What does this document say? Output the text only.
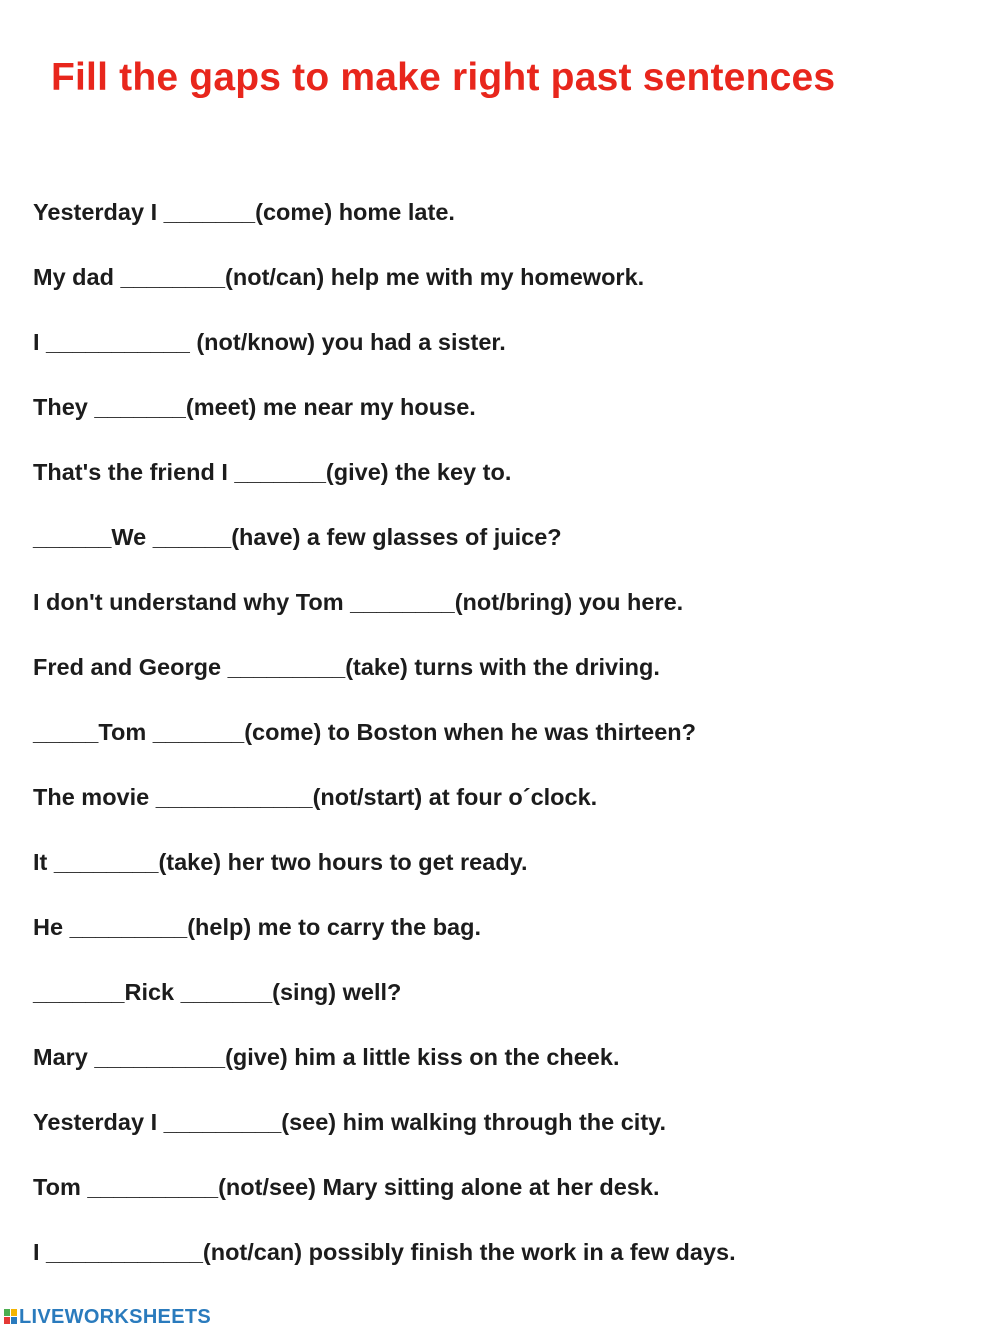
Fill the gaps to make right past sentences
Yesterday I _______(come) home late.
My dad ________(not/can) help me with my homework.
I ___________ (not/know) you had a sister.
They _______(meet) me near my house.
That's the friend I _______(give) the key to.
______We ______(have) a few glasses of juice?
I don't understand why Tom ________(not/bring) you here.
Fred and George _________(take) turns with the driving.
_____Tom _______(come) to Boston when he was thirteen?
The movie ____________(not/start) at four o´clock.
It ________(take) her two hours to get ready.
He _________(help) me to carry the bag.
_______Rick _______(sing) well?
Mary __________(give) him a little kiss on the cheek.
Yesterday I _________(see) him walking through the city.
Tom __________(not/see) Mary sitting alone at her desk.
I ____________(not/can) possibly finish the work in a few days.
LIVEWORKSHEETS
